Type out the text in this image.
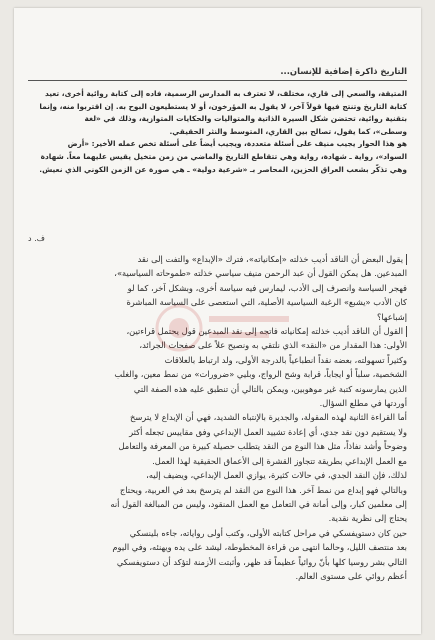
التاريخ ذاكرة إضافية للإنسان...

المتيقة، والسعي إلى قاري، مختلف، لا تعترف به المدارس الرسمية، فاده إلى كتابة روائية أخرى، تعيد

كتابة التاريخ وتنتج فيها قولاً آخر، لا يقول به المؤرخون، أو لا يستطيعون البوح به. إن اقتربوا منه، وإنما

بتقنية روائية، تحتضن شكل السيرة الذاتية والمتواليات والحكايات المتوازية، وذلك في «لغة

وسطى»، كما يقول، تصالح بين القاري، المتوسط والنثر الحقيقي.

هو هذا الحوار يجيب منيف على أسئلة متعددة، ويجيب أيضاً على أسئلة تخص عمله الأخير: «أرض

السواد»، رواية ـ شهادة، رواية وهي تتقاطع التاريخ والماضي من زمن متخيل يقيس عليهما معاً. شهادة

وهي تذكّر بشعب العراق الحزين، المحاصر بـ «شرعية دولية» ـ هي صورة عن الزمن الكوني الذي نعيش.

ف. د

يقول البعض أن الناقد أديب خذلته «إمكانياته»، فترك «الإبداع» والتفت إلى نقد

المبدعين. هل يمكن القول أن عبد الرحمن منيف سياسي خذلته «طموحاته السياسية»،

فهجر السياسة وانصرف إلى الأدب، ليمارس فيه سياسة أخرى، وبشكل آخر، كما لو

كان الأدب «يشبع» الرغبة السياسية الأصلية، التي استعصى على السياسة المباشرة

إشباعها؟

القول أن الناقد أديب خذلته إمكانياته فاتجه إلى نقد المبدعين قول يحتمل قراءتين،

الأولى: هذا المقدار من «النقد» الذي نلتقي به ونصيح علاً على صفحات الجرائد،

وكثيراً تسهولته، بعضه نقداً انطباعياً بالدرجة الأولى، ولد ارتباط بالعلاقات

الشخصية، سلباً أو ايجاباً، قرابة وشح الرواج، وبليي «ضرورات» من نمط معين، والغلب

الذين يمارسونه كتبة غير موهوبين، ويمكن بالتالي أن تنطبق عليه هذه الصفة التي

أوردتها في مطلع السؤال.

أما القراءة الثانية لهذه المقولة، والجديرة بالإنتباه الشديد، فهي أن الإبداع لا يترسخ

ولا يستقيم دون نقد جدي، أي إعادة تشييد العمل الإبداعي وفق مقاييس تجعله أكثر

وضوحاً وأشد نفاذاً، مثل هذا النوع من النقد يتطلب حصيلة كبيرة من المعرفة والتعامل

مع العمل الإبداعي بطريقة تتجاوز القشرة إلى الأعماق الحقيقية لهذا العمل.

لذلك، فإن النقد الجدي، في حالات كثيرة، يوازي العمل الإبداعي، ويضيف إليه،

وبالتالي فهو إبداع من نمط آخر. هذا النوع من النقد لم يترسخ بعد في العربية، ويحتاج

إلى معلمين كبار، وإلى أمانة في التعامل مع العمل المنقود، وليس من المبالغة القول أنه

يحتاج إلى نظرية نقدية.

حين كان دستويفسكي في مراحل كتابته الأولى، وكتب أولى رواياته، جاءه بلينسكي

بعد منتصف الليل، وحالما انتهى من قراءة المخطوطة، ليشد على يده ويهنئه، وفي اليوم

التالي بشر روسيا كلها بأنّ روائياً عظيماً قد ظهر، وأثبتت الأزمنة لتؤكد أن دستويفسكي

أعظم روائي على مستوى العالم.
